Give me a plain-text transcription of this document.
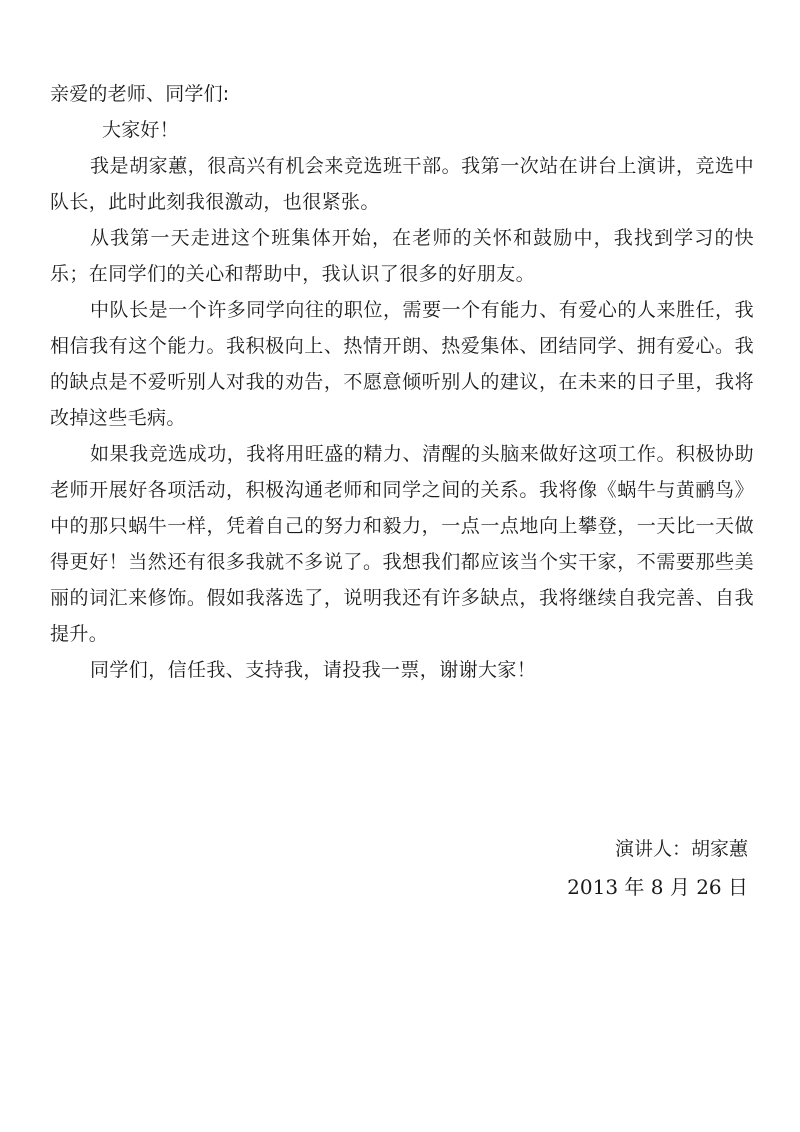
亲爱的老师、同学们:
大家好！

我是胡家蕙，很高兴有机会来竞选班干部。我第一次站在讲台上演讲，竞选中队长，此时此刻我很激动，也很紧张。

从我第一天走进这个班集体开始，在老师的关怀和鼓励中，我找到学习的快乐；在同学们的关心和帮助中，我认识了很多的好朋友。

中队长是一个许多同学向往的职位，需要一个有能力、有爱心的人来胜任，我相信我有这个能力。我积极向上、热情开朗、热爱集体、团结同学、拥有爱心。我的缺点是不爱听别人对我的劝告，不愿意倾听别人的建议，在未来的日子里，我将改掉这些毛病。

如果我竞选成功，我将用旺盛的精力、清醒的头脑来做好这项工作。积极协助老师开展好各项活动，积极沟通老师和同学之间的关系。我将像《蜗牛与黄鹂鸟》中的那只蜗牛一样，凭着自己的努力和毅力，一点一点地向上攀登，一天比一天做得更好！当然还有很多我就不多说了。我想我们都应该当个实干家，不需要那些美丽的词汇来修饰。假如我落选了，说明我还有许多缺点，我将继续自我完善、自我提升。

同学们，信任我、支持我，请投我一票，谢谢大家！

演讲人：胡家蕙
2013 年 8 月 26 日
